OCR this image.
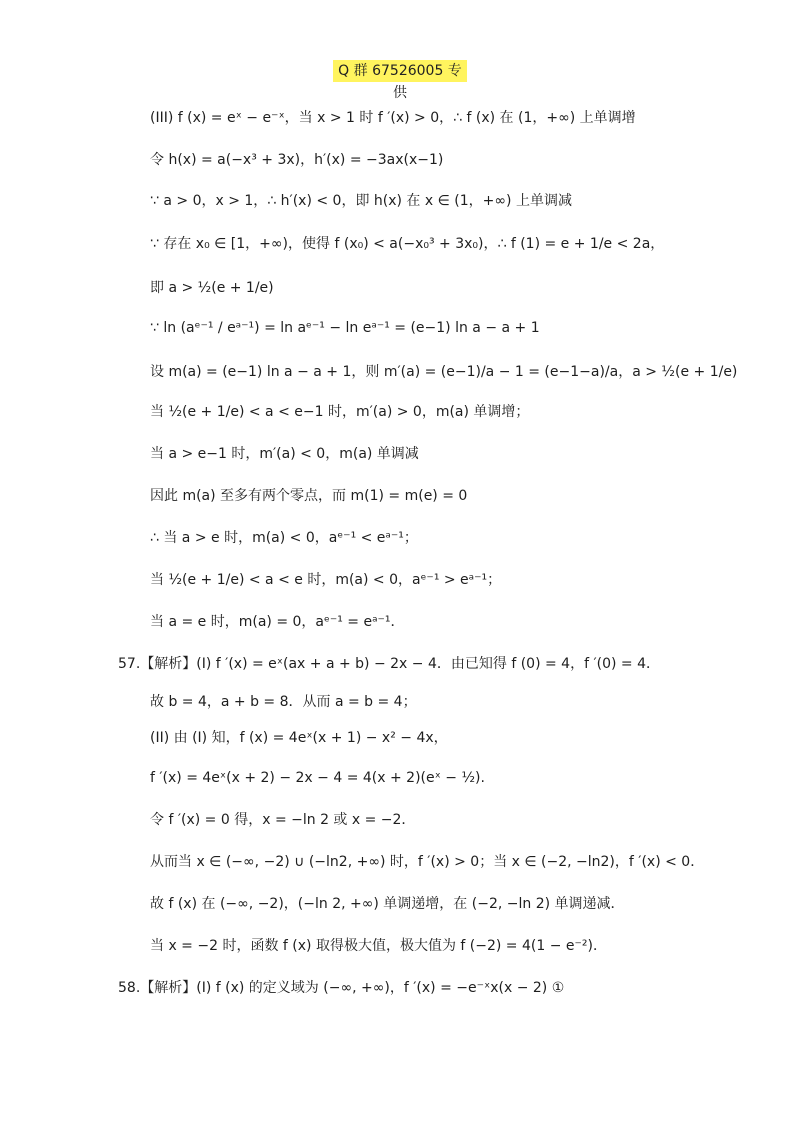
Q 群 67526005 专供
(III) f (x) = eˣ − e⁻ˣ，当 x > 1 时 f ′(x) > 0，∴ f (x) 在 (1，+∞) 上单调增
令 h(x) = a(−x³ + 3x)，h′(x) = −3ax(x−1)
∵ a > 0，x > 1，∴ h′(x) < 0，即 h(x) 在 x ∈ (1，+∞) 上单调减
∵ 存在 x₀ ∈ [1，+∞)，使得 f (x₀) < a(−x₀³ + 3x₀)，∴ f (1) = e + 1/e < 2a，
即 a > ½(e + 1/e)
∵ ln (aᵉ⁻¹ / eᵃ⁻¹) = ln aᵉ⁻¹ − ln eᵃ⁻¹ = (e−1) ln a − a + 1
设 m(a) = (e−1) ln a − a + 1，则 m′(a) = (e−1)/a − 1 = (e−1−a)/a，a > ½(e + 1/e)
当 ½(e + 1/e) < a < e−1 时，m′(a) > 0，m(a) 单调增；
当 a > e−1 时，m′(a) < 0，m(a) 单调减
因此 m(a) 至多有两个零点，而 m(1) = m(e) = 0
∴ 当 a > e 时，m(a) < 0，aᵉ⁻¹ < eᵃ⁻¹；
当 ½(e + 1/e) < a < e 时，m(a) < 0，aᵉ⁻¹ > eᵃ⁻¹；
当 a = e 时，m(a) = 0，aᵉ⁻¹ = eᵃ⁻¹．
57.【解析】(I) f ′(x) = eˣ(ax + a + b) − 2x − 4．由已知得 f (0) = 4，f ′(0) = 4．
故 b = 4，a + b = 8．从而 a = b = 4；
(II) 由 (I) 知，f (x) = 4eˣ(x + 1) − x² − 4x，
f ′(x) = 4eˣ(x + 2) − 2x − 4 = 4(x + 2)(eˣ − ½).
令 f ′(x) = 0 得，x = −ln 2 或 x = −2．
从而当 x ∈ (−∞, −2) ∪ (−ln2, +∞) 时，f ′(x) > 0；当 x ∈ (−2, −ln2)，f ′(x) < 0．
故 f (x) 在 (−∞, −2)，(−ln 2, +∞) 单调递增，在 (−2, −ln 2) 单调递减．
当 x = −2 时，函数 f (x) 取得极大值，极大值为 f (−2) = 4(1 − e⁻²)．
58.【解析】(I) f (x) 的定义域为 (−∞, +∞)，f ′(x) = −e⁻ˣx(x − 2) ①
